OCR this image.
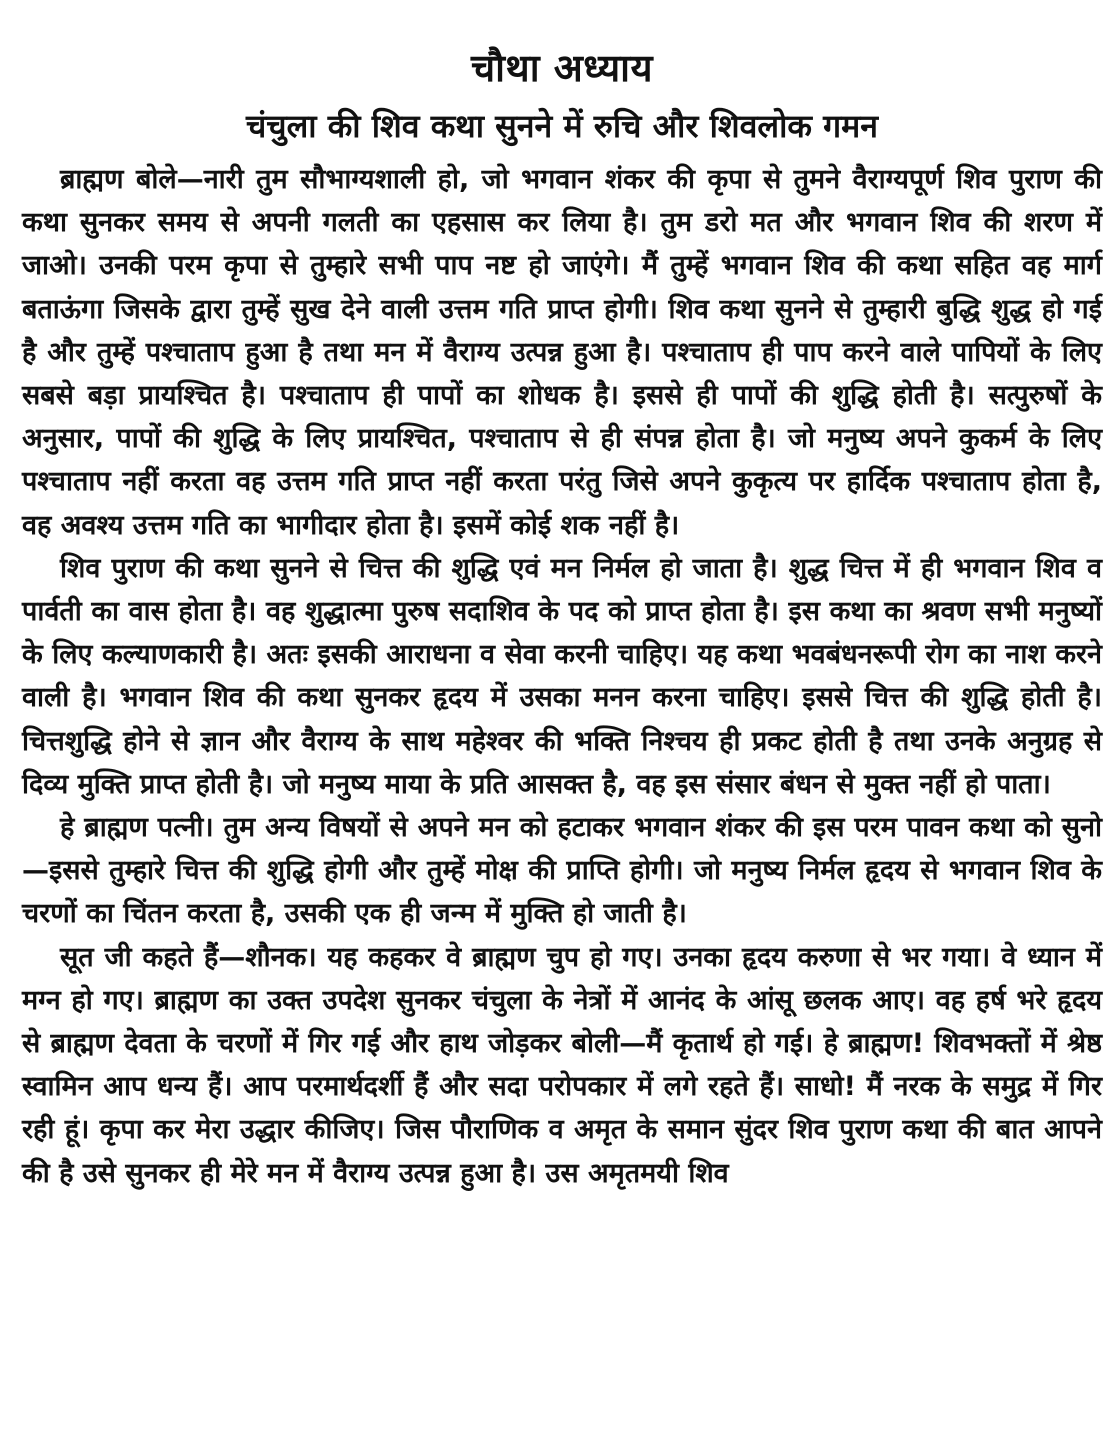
चौथा अध्याय
चंचुला की शिव कथा सुनने में रुचि और शिवलोक गमन

ब्राह्मण बोले—नारी तुम सौभाग्यशाली हो, जो भगवान शंकर की कृपा से तुमने वैराग्यपूर्ण शिव पुराण की कथा सुनकर समय से अपनी गलती का एहसास कर लिया है। तुम डरो मत और भगवान शिव की शरण में जाओ। उनकी परम कृपा से तुम्हारे सभी पाप नष्ट हो जाएंगे। मैं तुम्हें भगवान शिव की कथा सहित वह मार्ग बताऊंगा जिसके द्वारा तुम्हें सुख देने वाली उत्तम गति प्राप्त होगी। शिव कथा सुनने से तुम्हारी बुद्धि शुद्ध हो गई है और तुम्हें पश्चाताप हुआ है तथा मन में वैराग्य उत्पन्न हुआ है। पश्चाताप ही पाप करने वाले पापियों के लिए सबसे बड़ा प्रायश्चित है। पश्चाताप ही पापों का शोधक है। इससे ही पापों की शुद्धि होती है। सत्पुरुषों के अनुसार, पापों की शुद्धि के लिए प्रायश्चित, पश्चाताप से ही संपन्न होता है। जो मनुष्य अपने कुकर्म के लिए पश्चाताप नहीं करता वह उत्तम गति प्राप्त नहीं करता परंतु जिसे अपने कुकृत्य पर हार्दिक पश्चाताप होता है, वह अवश्य उत्तम गति का भागीदार होता है। इसमें कोई शक नहीं है।

शिव पुराण की कथा सुनने से चित्त की शुद्धि एवं मन निर्मल हो जाता है। शुद्ध चित्त में ही भगवान शिव व पार्वती का वास होता है। वह शुद्धात्मा पुरुष सदाशिव के पद को प्राप्त होता है। इस कथा का श्रवण सभी मनुष्यों के लिए कल्याणकारी है। अतः इसकी आराधना व सेवा करनी चाहिए। यह कथा भवबंधनरूपी रोग का नाश करने वाली है। भगवान शिव की कथा सुनकर हृदय में उसका मनन करना चाहिए। इससे चित्त की शुद्धि होती है। चित्तशुद्धि होने से ज्ञान और वैराग्य के साथ महेश्वर की भक्ति निश्चय ही प्रकट होती है तथा उनके अनुग्रह से दिव्य मुक्ति प्राप्त होती है। जो मनुष्य माया के प्रति आसक्त है, वह इस संसार बंधन से मुक्त नहीं हो पाता।

हे ब्राह्मण पत्नी। तुम अन्य विषयों से अपने मन को हटाकर भगवान शंकर की इस परम पावन कथा को सुनो—इससे तुम्हारे चित्त की शुद्धि होगी और तुम्हें मोक्ष की प्राप्ति होगी। जो मनुष्य निर्मल हृदय से भगवान शिव के चरणों का चिंतन करता है, उसकी एक ही जन्म में मुक्ति हो जाती है।

सूत जी कहते हैं—शौनक। यह कहकर वे ब्राह्मण चुप हो गए। उनका हृदय करुणा से भर गया। वे ध्यान में मग्न हो गए। ब्राह्मण का उक्त उपदेश सुनकर चंचुला के नेत्रों में आनंद के आंसू छलक आए। वह हर्ष भरे हृदय से ब्राह्मण देवता के चरणों में गिर गई और हाथ जोड़कर बोली—मैं कृतार्थ हो गई। हे ब्राह्मण! शिवभक्तों में श्रेष्ठ स्वामिन आप धन्य हैं। आप परमार्थदर्शी हैं और सदा परोपकार में लगे रहते हैं। साधो! मैं नरक के समुद्र में गिर रही हूं। कृपा कर मेरा उद्धार कीजिए। जिस पौराणिक व अमृत के समान सुंदर शिव पुराण कथा की बात आपने की है उसे सुनकर ही मेरे मन में वैराग्य उत्पन्न हुआ है। उस अमृतमयी शिव
